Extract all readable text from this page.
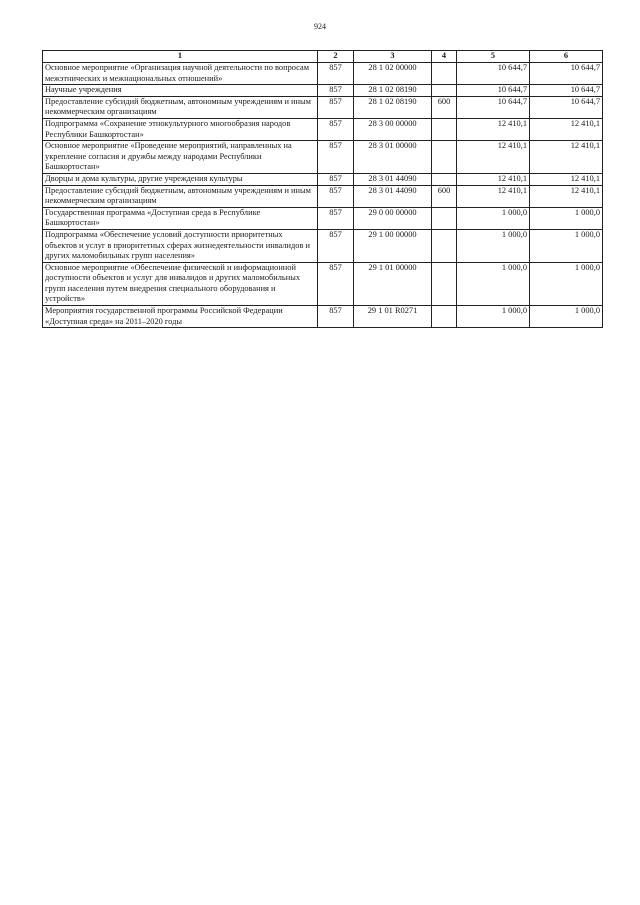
924
1	2	3	4	5	6
Основное мероприятие «Организация научной деятельности по вопросам межэтнических и межнациональных отношений»	857	28 1 02 00000		10 644,7	10 644,7
Научные учреждения	857	28 1 02 08190		10 644,7	10 644,7
Предоставление субсидий бюджетным, автономным учреждениям и иным некоммерческим организациям	857	28 1 02 08190	600	10 644,7	10 644,7
Подпрограмма «Сохранение этнокультурного многообразия народов Республики Башкортостан»	857	28 3 00 00000		12 410,1	12 410,1
Основное мероприятие «Проведение мероприятий, направленных на укрепление согласия и дружбы между народами Республики Башкортостан»	857	28 3 01 00000		12 410,1	12 410,1
Дворцы и дома культуры, другие учреждения культуры	857	28 3 01 44090		12 410,1	12 410,1
Предоставление субсидий бюджетным, автономным учреждениям и иным некоммерческим организациям	857	28 3 01 44090	600	12 410,1	12 410,1
Государственная программа «Доступная среда в Республике Башкортостан»	857	29 0 00 00000		1 000,0	1 000,0
Подпрограмма «Обеспечение условий доступности приоритетных объектов и услуг в приоритетных сферах жизнедеятельности инвалидов и других маломобильных групп населения»	857	29 1 00 00000		1 000,0	1 000,0
Основное мероприятие «Обеспечение физической и информационной доступности объектов и услуг для инвалидов и других маломобильных групп населения путем внедрения специального оборудования и устройств»	857	29 1 01 00000		1 000,0	1 000,0
Мероприятия государственной программы Российской Федерации «Доступная среда» на 2011–2020 годы	857	29 1 01 R0271		1 000,0	1 000,0
